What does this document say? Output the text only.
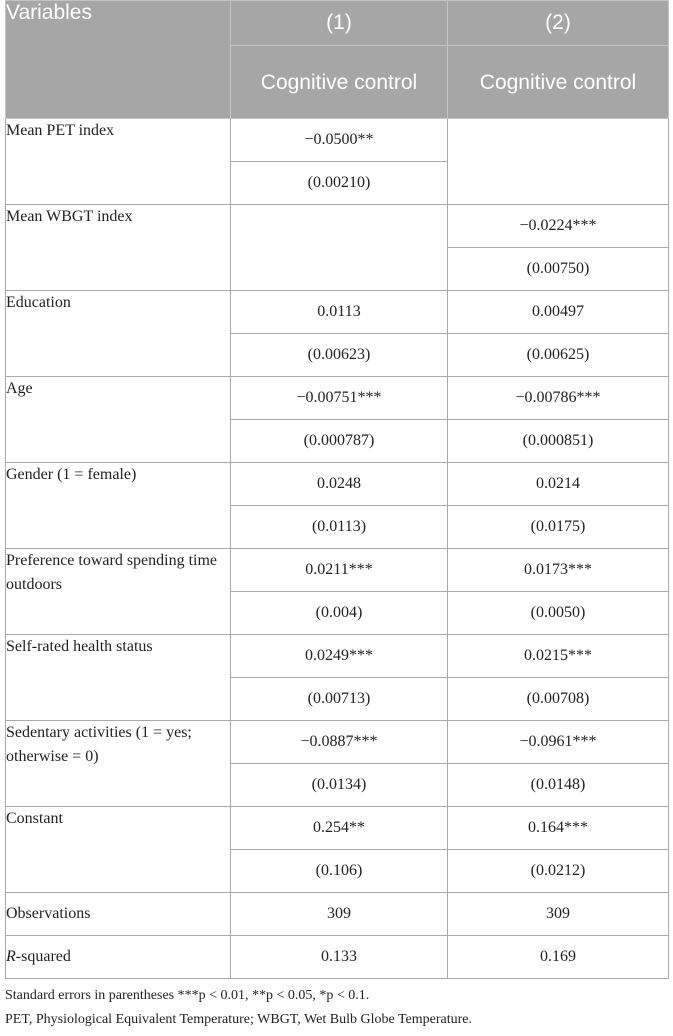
Variables	(1)	(2)
	Cognitive control	Cognitive control
Mean PET index	−0.0500**	
	(0.00210)	
Mean WBGT index		−0.0224***
		(0.00750)
Education	0.0113	0.00497
	(0.00623)	(0.00625)
Age	−0.00751***	−0.00786***
	(0.000787)	(0.000851)
Gender (1 = female)	0.0248	0.0214
	(0.0113)	(0.0175)
Preference toward spending time outdoors	0.0211***	0.0173***
	(0.004)	(0.0050)
Self-rated health status	0.0249***	0.0215***
	(0.00713)	(0.00708)
Sedentary activities (1 = yes; otherwise = 0)	−0.0887***	−0.0961***
	(0.0134)	(0.0148)
Constant	0.254**	0.164***
	(0.106)	(0.0212)
Observations	309	309
R-squared	0.133	0.169
Standard errors in parentheses ***p < 0.01, **p < 0.05, *p < 0.1.
PET, Physiological Equivalent Temperature; WBGT, Wet Bulb Globe Temperature.
